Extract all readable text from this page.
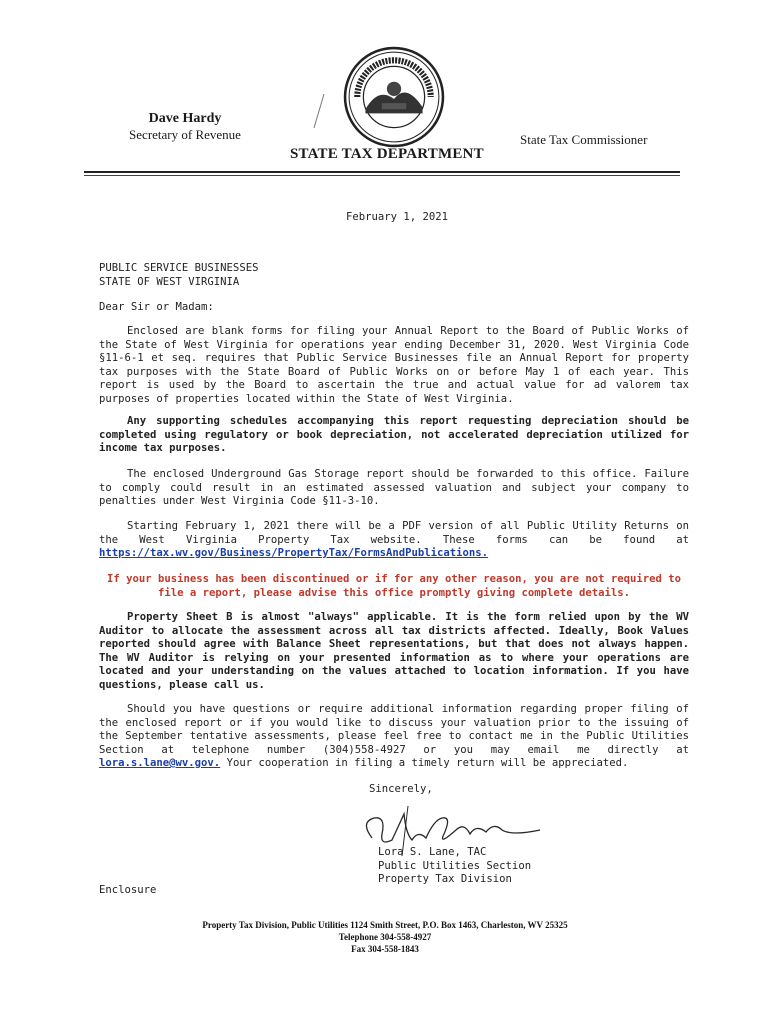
Dave Hardy
Secretary of Revenue
STATE TAX DEPARTMENT
State Tax Commissioner
February 1, 2021
PUBLIC SERVICE BUSINESSES
STATE OF WEST VIRGINIA
Dear Sir or Madam:
Enclosed are blank forms for filing your Annual Report to the Board of Public Works of the State of West Virginia for operations year ending December 31, 2020. West Virginia Code §11-6-1 et seq. requires that Public Service Businesses file an Annual Report for property tax purposes with the State Board of Public Works on or before May 1 of each year. This report is used by the Board to ascertain the true and actual value for ad valorem tax purposes of properties located within the State of West Virginia.
Any supporting schedules accompanying this report requesting depreciation should be completed using regulatory or book depreciation, not accelerated depreciation utilized for income tax purposes.
The enclosed Underground Gas Storage report should be forwarded to this office. Failure to comply could result in an estimated assessed valuation and subject your company to penalties under West Virginia Code §11-3-10.
Starting February 1, 2021 there will be a PDF version of all Public Utility Returns on the West Virginia Property Tax website. These forms can be found at https://tax.wv.gov/Business/PropertyTax/FormsAndPublications.
If your business has been discontinued or if for any other reason, you are not required to file a report, please advise this office promptly giving complete details.
Property Sheet B is almost "always" applicable. It is the form relied upon by the WV Auditor to allocate the assessment across all tax districts affected. Ideally, Book Values reported should agree with Balance Sheet representations, but that does not always happen. The WV Auditor is relying on your presented information as to where your operations are located and your understanding on the values attached to location information. If you have questions, please call us.
Should you have questions or require additional information regarding proper filing of the enclosed report or if you would like to discuss your valuation prior to the issuing of the September tentative assessments, please feel free to contact me in the Public Utilities Section at telephone number (304)558-4927 or you may email me directly at lora.s.lane@wv.gov. Your cooperation in filing a timely return will be appreciated.
Sincerely,
Lora S. Lane, TAC
Public Utilities Section
Property Tax Division
Enclosure
Property Tax Division, Public Utilities 1124 Smith Street, P.O. Box 1463, Charleston, WV 25325
Telephone 304-558-4927
Fax 304-558-1843
